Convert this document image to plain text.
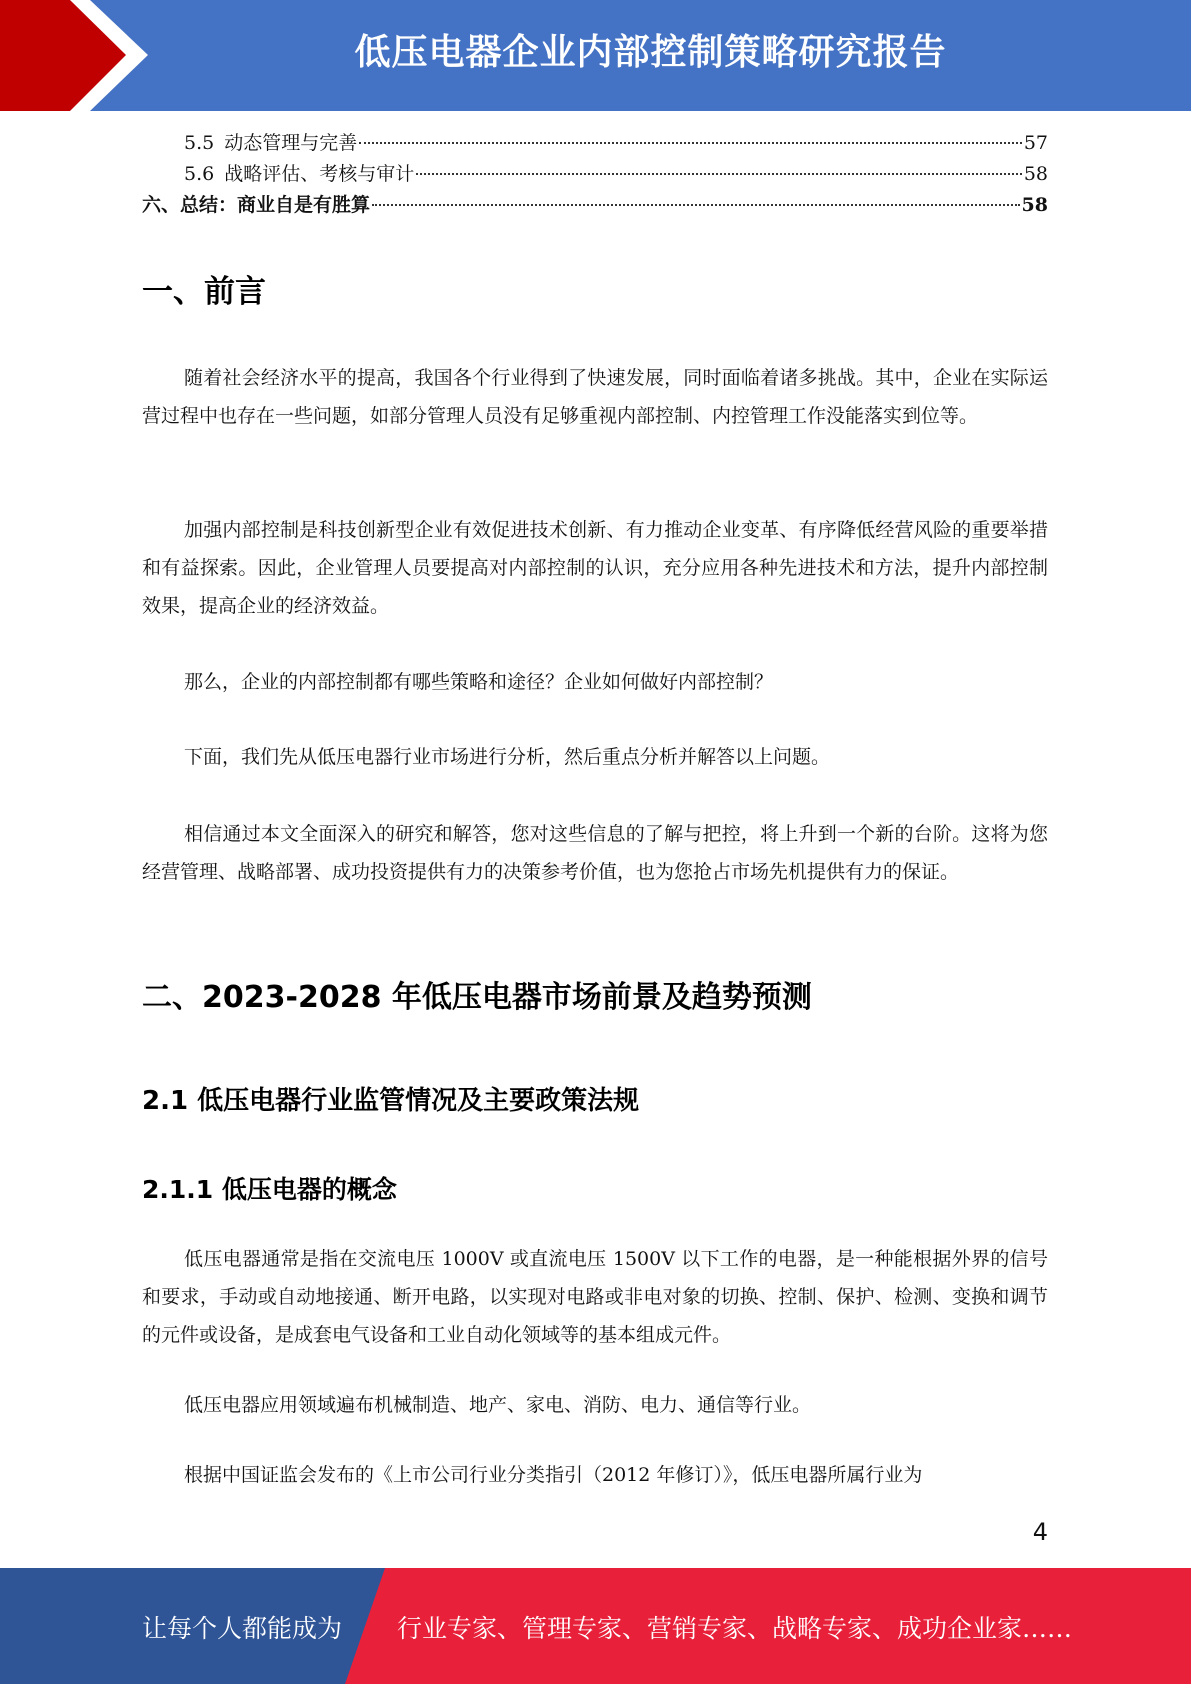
低压电器企业内部控制策略研究报告
5.5 动态管理与完善	57
5.6 战略评估、考核与审计	58
六、总结：商业自是有胜算	58
一、前言

随着社会经济水平的提高，我国各个行业得到了快速发展，同时面临着诸多挑战。其中，企业在实际运营过程中也存在一些问题，如部分管理人员没有足够重视内部控制、内控管理工作没能落实到位等。

加强内部控制是科技创新型企业有效促进技术创新、有力推动企业变革、有序降低经营风险的重要举措和有益探索。因此，企业管理人员要提高对内部控制的认识，充分应用各种先进技术和方法，提升内部控制效果，提高企业的经济效益。

那么，企业的内部控制都有哪些策略和途径？企业如何做好内部控制？

下面，我们先从低压电器行业市场进行分析，然后重点分析并解答以上问题。

相信通过本文全面深入的研究和解答，您对这些信息的了解与把控，将上升到一个新的台阶。这将为您经营管理、战略部署、成功投资提供有力的决策参考价值，也为您抢占市场先机提供有力的保证。

二、2023-2028 年低压电器市场前景及趋势预测
2.1 低压电器行业监管情况及主要政策法规
2.1.1 低压电器的概念

低压电器通常是指在交流电压 1000V 或直流电压 1500V 以下工作的电器，是一种能根据外界的信号和要求，手动或自动地接通、断开电路，以实现对电路或非电对象的切换、控制、保护、检测、变换和调节的元件或设备，是成套电气设备和工业自动化领域等的基本组成元件。

低压电器应用领域遍布机械制造、地产、家电、消防、电力、通信等行业。

根据中国证监会发布的《上市公司行业分类指引（2012 年修订）》，低压电器所属行业为

4
让每个人都能成为 行业专家、管理专家、营销专家、战略专家、成功企业家……
